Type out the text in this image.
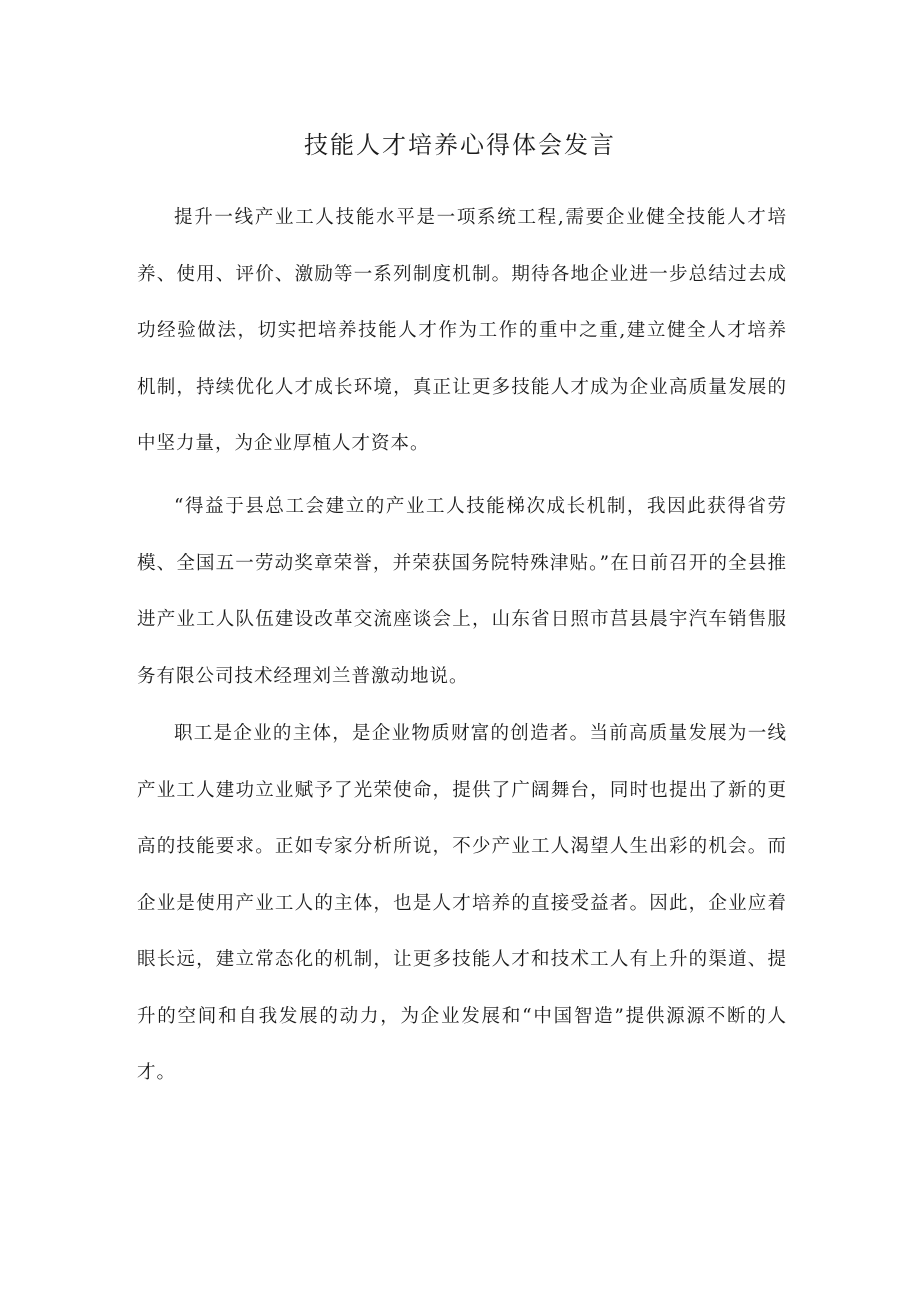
技能人才培养心得体会发言

提升一线产业工人技能水平是一项系统工程,需要企业健全技能人才培养、使用、评价、激励等一系列制度机制。期待各地企业进一步总结过去成功经验做法，切实把培养技能人才作为工作的重中之重,建立健全人才培养机制，持续优化人才成长环境，真正让更多技能人才成为企业高质量发展的中坚力量，为企业厚植人才资本。

“得益于县总工会建立的产业工人技能梯次成长机制，我因此获得省劳模、全国五一劳动奖章荣誉，并荣获国务院特殊津贴。”在日前召开的全县推进产业工人队伍建设改革交流座谈会上，山东省日照市莒县晨宇汽车销售服务有限公司技术经理刘兰普激动地说。

职工是企业的主体，是企业物质财富的创造者。当前高质量发展为一线产业工人建功立业赋予了光荣使命，提供了广阔舞台，同时也提出了新的更高的技能要求。正如专家分析所说，不少产业工人渴望人生出彩的机会。而企业是使用产业工人的主体，也是人才培养的直接受益者。因此，企业应着眼长远，建立常态化的机制，让更多技能人才和技术工人有上升的渠道、提升的空间和自我发展的动力，为企业发展和“中国智造”提供源源不断的人才。
